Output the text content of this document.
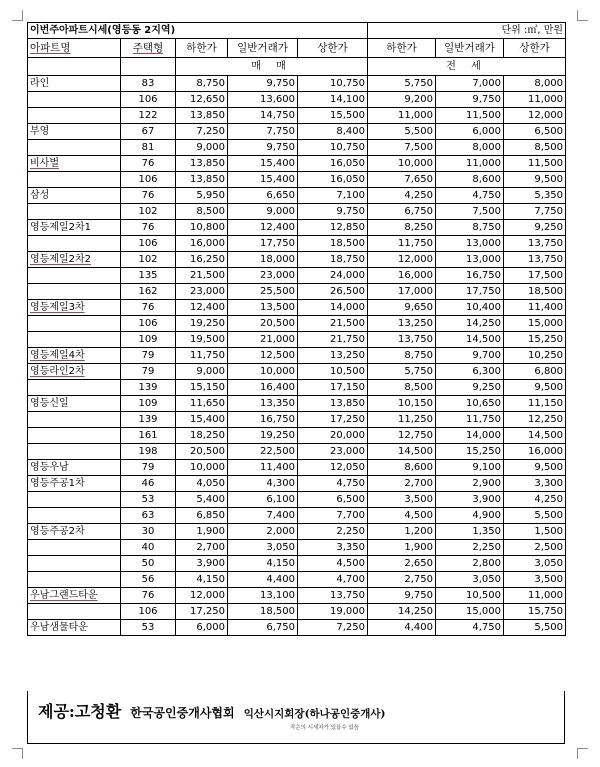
이번주아파트시세(영등동 2지역)					단위 :㎡, 만원		
아파트명	주택형	하한가	일반거래가	상한가	하한가	일반거래가	상한가
		매 매			전 세		
라인	83	8,750	9,750	10,750	5,750	7,000	8,000
	106	12,650	13,600	14,100	9,200	9,750	11,000
	122	13,850	14,750	15,500	11,000	11,500	12,000
부영	67	7,250	7,750	8,400	5,500	6,000	6,500
	81	9,000	9,750	10,750	7,500	8,000	8,500
비사벌	76	13,850	15,400	16,050	10,000	11,000	11,500
	106	13,850	15,400	16,050	7,650	8,600	9,500
삼성	76	5,950	6,650	7,100	4,250	4,750	5,350
	102	8,500	9,000	9,750	6,750	7,500	7,750
영등제일2차1	76	10,800	12,400	12,850	8,250	8,750	9,250
	106	16,000	17,750	18,500	11,750	13,000	13,750
영등제일2차2	102	16,250	18,000	18,750	12,000	13,000	13,750
	135	21,500	23,000	24,000	16,000	16,750	17,500
	162	23,000	25,500	26,500	17,000	17,750	18,500
영등제일3차	76	12,400	13,500	14,000	9,650	10,400	11,400
	106	19,250	20,500	21,500	13,250	14,250	15,000
	109	19,500	21,000	21,750	13,750	14,500	15,250
영등제일4차	79	11,750	12,500	13,250	8,750	9,700	10,250
영등라인2차	79	9,000	10,000	10,500	5,750	6,300	6,800
	139	15,150	16,400	17,150	8,500	9,250	9,500
영등신일	109	11,650	13,350	13,850	10,150	10,650	11,150
	139	15,400	16,750	17,250	11,250	11,750	12,250
	161	18,250	19,250	20,000	12,750	14,000	14,500
	198	20,500	22,500	23,000	14,500	15,250	16,000
영등우남	79	10,000	11,400	12,050	8,600	9,100	9,500
영등주공1차	46	4,050	4,300	4,750	2,700	2,900	3,300
	53	5,400	6,100	6,500	3,500	3,900	4,250
	63	6,850	7,400	7,700	4,500	4,900	5,500
영등주공2차	30	1,900	2,000	2,250	1,200	1,350	1,500
	40	2,700	3,050	3,350	1,900	2,250	2,500
	50	3,900	4,150	4,500	2,650	2,800	3,050
	56	4,150	4,400	4,700	2,750	3,050	3,500
우남그랜드타운	76	12,000	13,100	13,750	9,750	10,500	11,000
	106	17,250	18,500	19,000	14,250	15,000	15,750
우남샘물타운	53	6,000	6,750	7,250	4,400	4,750	5,500
제공:고청환 한국공인중개사협회 익산시지회장(하나공인중개사)
작은의 시세차가 있을수 있음
